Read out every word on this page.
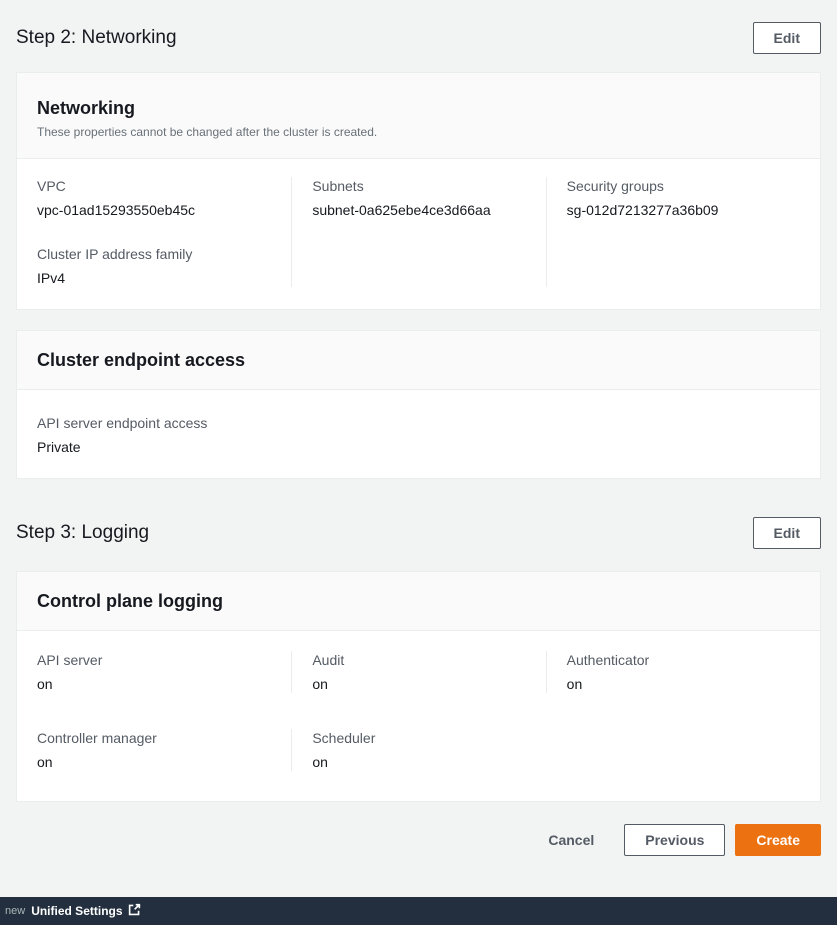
Step 2: Networking	Edit
Networking
These properties cannot be changed after the cluster is created.
VPC
vpc-01ad15293550eb45c
Cluster IP address family
IPv4
Subnets
subnet-0a625ebe4ce3d66aa
Security groups
sg-012d7213277a36b09
Cluster endpoint access
API server endpoint access
Private
Step 3: Logging	Edit
Control plane logging
API server
on
Audit
on
Authenticator
on
Controller manager
on
Scheduler
on
Cancel	Previous	Create
new Unified Settings
